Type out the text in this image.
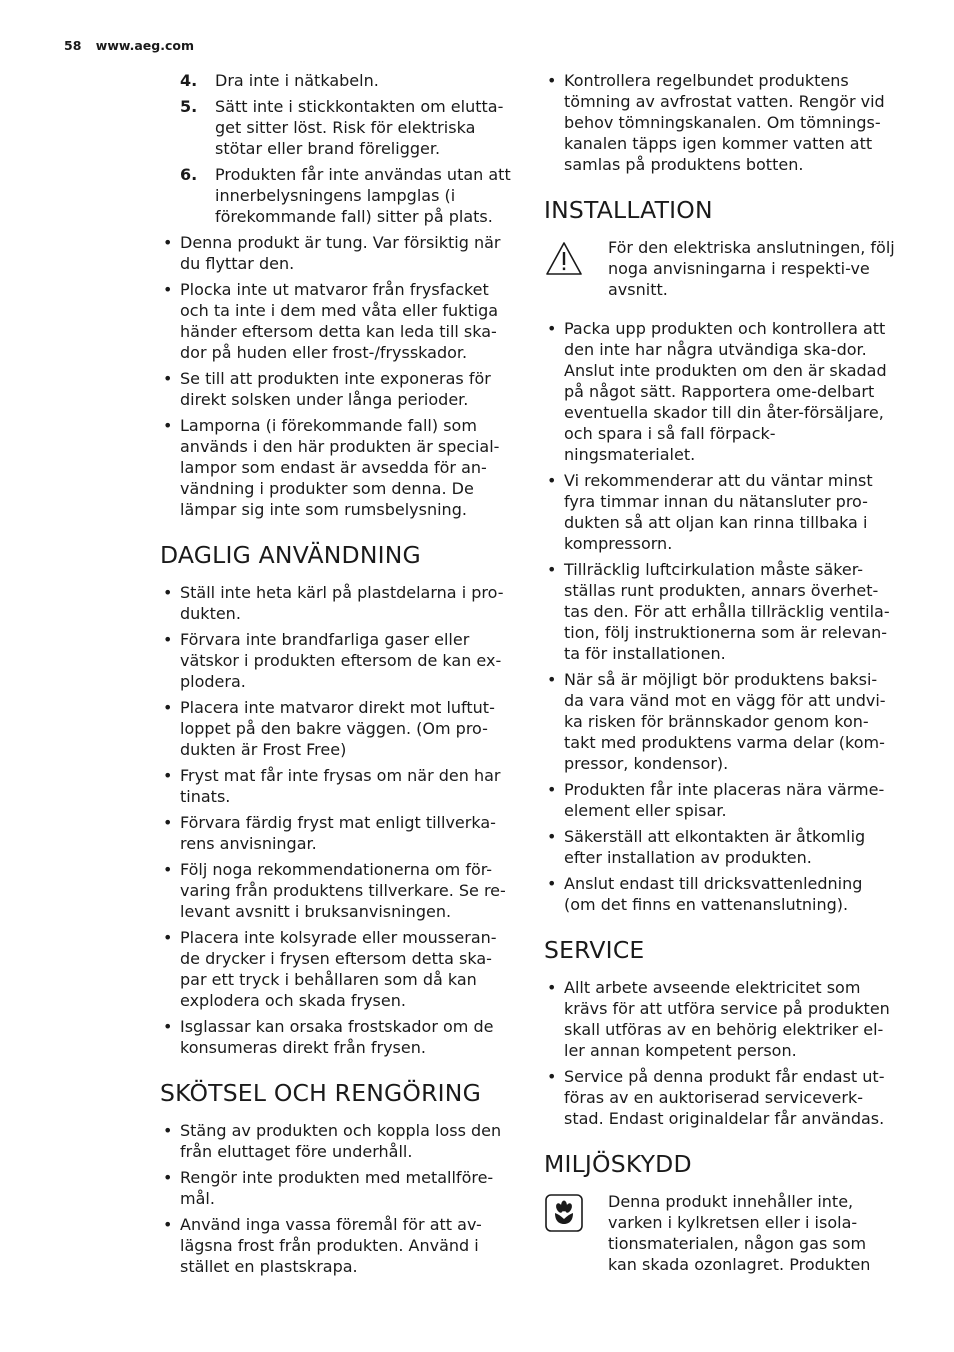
58 www.aeg.com
4. Dra inte i nätkabeln.
5. Sätt inte i stickkontakten om elutta-get sitter löst. Risk för elektriska stötar eller brand föreligger.
6. Produkten får inte användas utan att innerbelysningens lampglas (i förekommande fall) sitter på plats.
• Denna produkt är tung. Var försiktig när du flyttar den.
• Plocka inte ut matvaror från frysfacket och ta inte i dem med våta eller fuktiga händer eftersom detta kan leda till ska-dor på huden eller frost-/frysskador.
• Se till att produkten inte exponeras för direkt solsken under långa perioder.
• Lamporna (i förekommande fall) som används i den här produkten är special-lampor som endast är avsedda för an-vändning i produkter som denna. De lämpar sig inte som rumsbelysning.
DAGLIG ANVÄNDNING
• Ställ inte heta kärl på plastdelarna i pro-dukten.
• Förvara inte brandfarliga gaser eller vätskor i produkten eftersom de kan ex-plodera.
• Placera inte matvaror direkt mot luftut-loppet på den bakre väggen. (Om pro-dukten är Frost Free)
• Fryst mat får inte frysas om när den har tinats.
• Förvara färdig fryst mat enligt tillverka-rens anvisningar.
• Följ noga rekommendationerna om för-varing från produktens tillverkare. Se re-levant avsnitt i bruksanvisningen.
• Placera inte kolsyrade eller mousseran-de drycker i frysen eftersom detta ska-par ett tryck i behållaren som då kan explodera och skada frysen.
• Isglassar kan orsaka frostskador om de konsumeras direkt från frysen.
SKÖTSEL OCH RENGÖRING
• Stäng av produkten och koppla loss den från eluttaget före underhåll.
• Rengör inte produkten med metallföre-mål.
• Använd inga vassa föremål för att av-lägsna frost från produkten. Använd i stället en plastskrapa.
• Kontrollera regelbundet produktens tömning av avfrostat vatten. Rengör vid behov tömningskanalen. Om tömnings-kanalen täpps igen kommer vatten att samlas på produktens botten.
INSTALLATION
För den elektriska anslutningen, följ noga anvisningarna i respekti-ve avsnitt.
• Packa upp produkten och kontrollera att den inte har några utvändiga ska-dor. Anslut inte produkten om den är skadad på något sätt. Rapportera ome-delbart eventuella skador till din åter-försäljare, och spara i så fall förpack-ningsmaterialet.
• Vi rekommenderar att du väntar minst fyra timmar innan du nätansluter pro-dukten så att oljan kan rinna tillbaka i kompressorn.
• Tillräcklig luftcirkulation måste säker-ställas runt produkten, annars överhet-tas den. För att erhålla tillräcklig ventila-tion, följ instruktionerna som är relevan-ta för installationen.
• När så är möjligt bör produktens baksi-da vara vänd mot en vägg för att undvi-ka risken för brännskador genom kon-takt med produktens varma delar (kom-pressor, kondensor).
• Produkten får inte placeras nära värme-element eller spisar.
• Säkerställ att elkontakten är åtkomlig efter installation av produkten.
• Anslut endast till dricksvattenledning (om det finns en vattenanslutning).
SERVICE
• Allt arbete avseende elektricitet som krävs för att utföra service på produkten skall utföras av en behörig elektriker el-ler annan kompetent person.
• Service på denna produkt får endast ut-föras av en auktoriserad serviceverk-stad. Endast originaldelar får användas.
MILJÖSKYDD
Denna produkt innehåller inte, varken i kylkretsen eller i isola-tionsmaterialen, någon gas som kan skada ozonlagret. Produkten
